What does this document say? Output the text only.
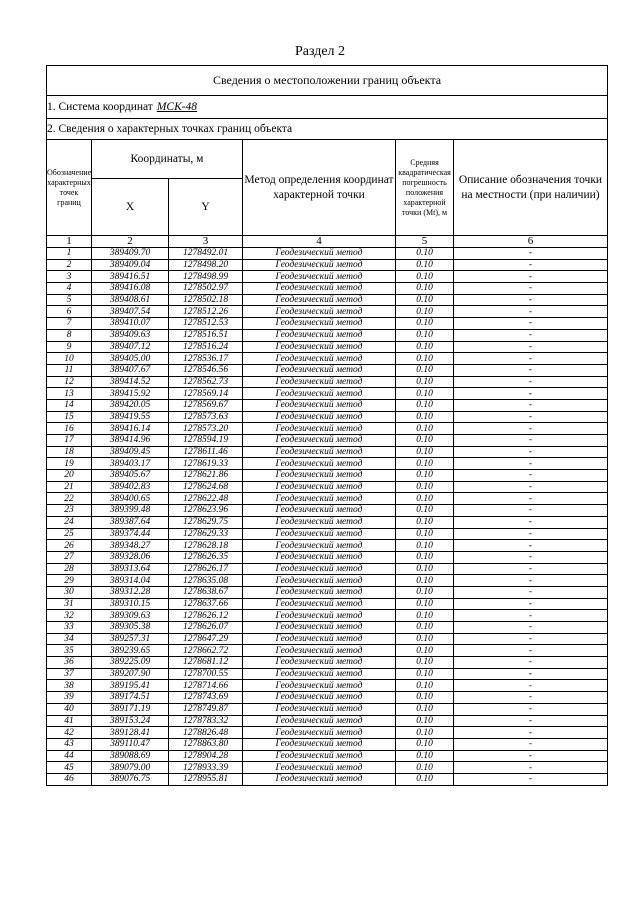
Раздел 2
Сведения о местоположении границ объекта					
1. Система координат МСК-48					
2. Сведения о характерных точках границ объекта					
Обозначение характерных точек границ	Координаты, м		Метод определения координат характерной точки	Средняя квадратическая погрешность положения характерной точки (Mt), м	Описание обозначения точки на местности (при наличии)
	X	Y			
1	2	3	4	5	6
1	389409.70	1278492.01	Геодезический метод	0.10	-
2	389409.04	1278498.20	Геодезический метод	0.10	-
3	389416.51	1278498.99	Геодезический метод	0.10	-
4	389416.08	1278502.97	Геодезический метод	0.10	-
5	389408.61	1278502.18	Геодезический метод	0.10	-
6	389407.54	1278512.26	Геодезический метод	0.10	-
7	389410.07	1278512.53	Геодезический метод	0.10	-
8	389409.63	1278516.51	Геодезический метод	0.10	-
9	389407.12	1278516.24	Геодезический метод	0.10	-
10	389405.00	1278536.17	Геодезический метод	0.10	-
11	389407.67	1278546.56	Геодезический метод	0.10	-
12	389414.52	1278562.73	Геодезический метод	0.10	-
13	389415.92	1278569.14	Геодезический метод	0.10	-
14	389420.05	1278569.67	Геодезический метод	0.10	-
15	389419.55	1278573.63	Геодезический метод	0.10	-
16	389416.14	1278573.20	Геодезический метод	0.10	-
17	389414.96	1278594.19	Геодезический метод	0.10	-
18	389409.45	1278611.46	Геодезический метод	0.10	-
19	389403.17	1278619.33	Геодезический метод	0.10	-
20	389405.67	1278621.86	Геодезический метод	0.10	-
21	389402.83	1278624.68	Геодезический метод	0.10	-
22	389400.65	1278622.48	Геодезический метод	0.10	-
23	389399.48	1278623.96	Геодезический метод	0.10	-
24	389387.64	1278629.75	Геодезический метод	0.10	-
25	389374.44	1278629.33	Геодезический метод	0.10	-
26	389348.27	1278628.18	Геодезический метод	0.10	-
27	389328.06	1278626.35	Геодезический метод	0.10	-
28	389313.64	1278626.17	Геодезический метод	0.10	-
29	389314.04	1278635.08	Геодезический метод	0.10	-
30	389312.28	1278638.67	Геодезический метод	0.10	-
31	389310.15	1278637.66	Геодезический метод	0.10	-
32	389309.63	1278626.12	Геодезический метод	0.10	-
33	389305.38	1278626.07	Геодезический метод	0.10	-
34	389257.31	1278647.29	Геодезический метод	0.10	-
35	389239.65	1278662.72	Геодезический метод	0.10	-
36	389225.09	1278681.12	Геодезический метод	0.10	-
37	389207.90	1278700.55	Геодезический метод	0.10	-
38	389195.41	1278714.66	Геодезический метод	0.10	-
39	389174.51	1278743.69	Геодезический метод	0.10	-
40	389171.19	1278749.87	Геодезический метод	0.10	-
41	389153.24	1278783.32	Геодезический метод	0.10	-
42	389128.41	1278826.48	Геодезический метод	0.10	-
43	389110.47	1278863.80	Геодезический метод	0.10	-
44	389088.69	1278904.28	Геодезический метод	0.10	-
45	389079.00	1278933.39	Геодезический метод	0.10	-
46	389076.75	1278955.81	Геодезический метод	0.10	-
